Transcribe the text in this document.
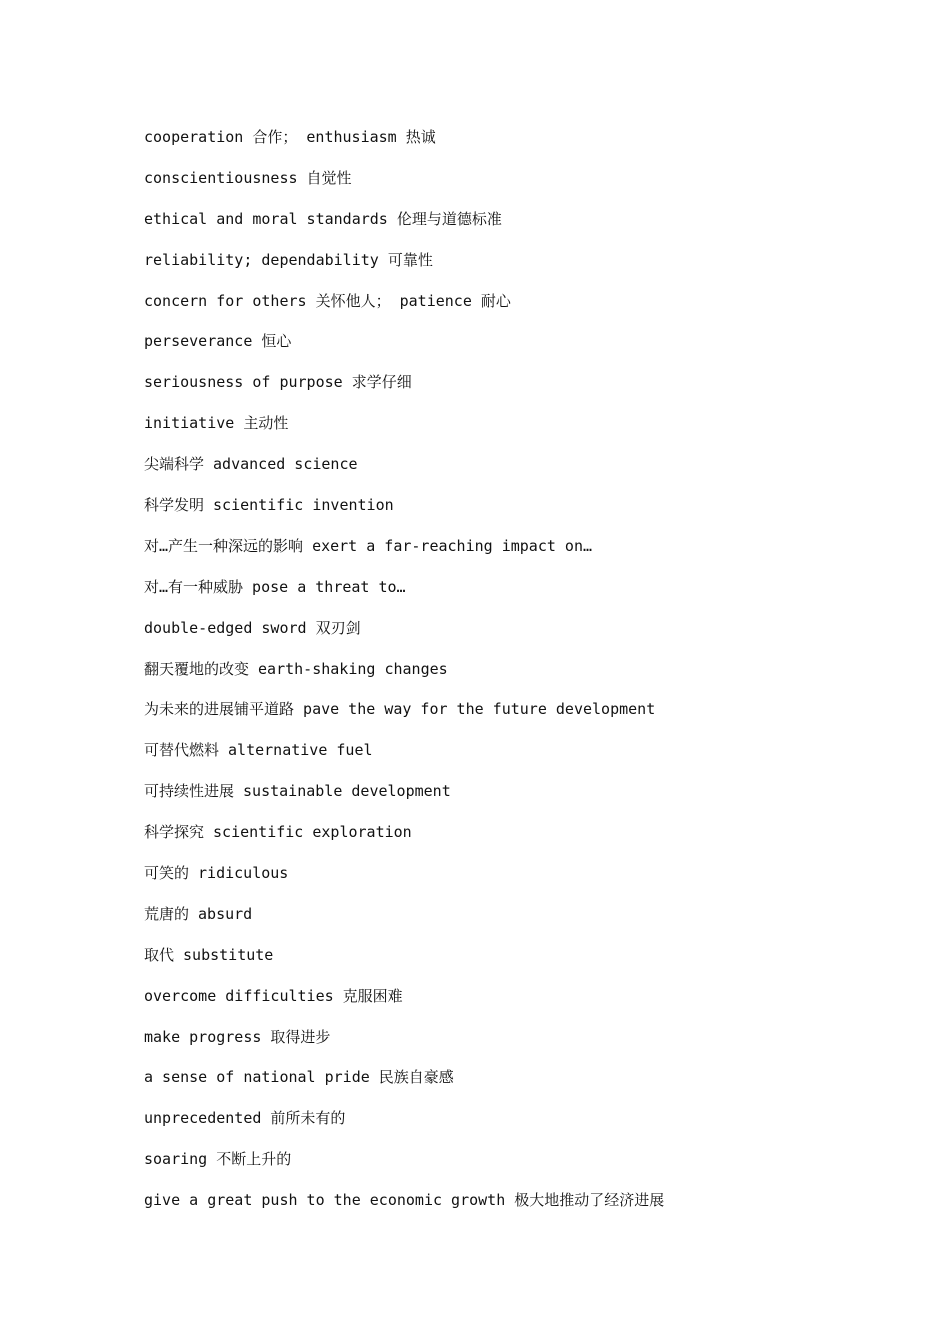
cooperation 合作； enthusiasm 热诚
conscientiousness 自觉性
ethical and moral standards 伦理与道德标准
reliability; dependability 可靠性
concern for others 关怀他人； patience 耐心
perseverance 恒心
seriousness of purpose 求学仔细
initiative 主动性
尖端科学 advanced science
科学发明 scientific invention
对…产生一种深远的影响 exert a far-reaching impact on…
对…有一种威胁 pose a threat to…
double-edged sword 双刃剑
翻天覆地的改变 earth-shaking changes
为未来的进展铺平道路 pave the way for the future development
可替代燃料 alternative fuel
可持续性进展 sustainable development
科学探究 scientific exploration
可笑的 ridiculous
荒唐的 absurd
取代 substitute
overcome difficulties 克服困难
make progress 取得进步
a sense of national pride 民族自豪感
unprecedented 前所未有的
soaring 不断上升的
give a great push to the economic growth 极大地推动了经济进展
